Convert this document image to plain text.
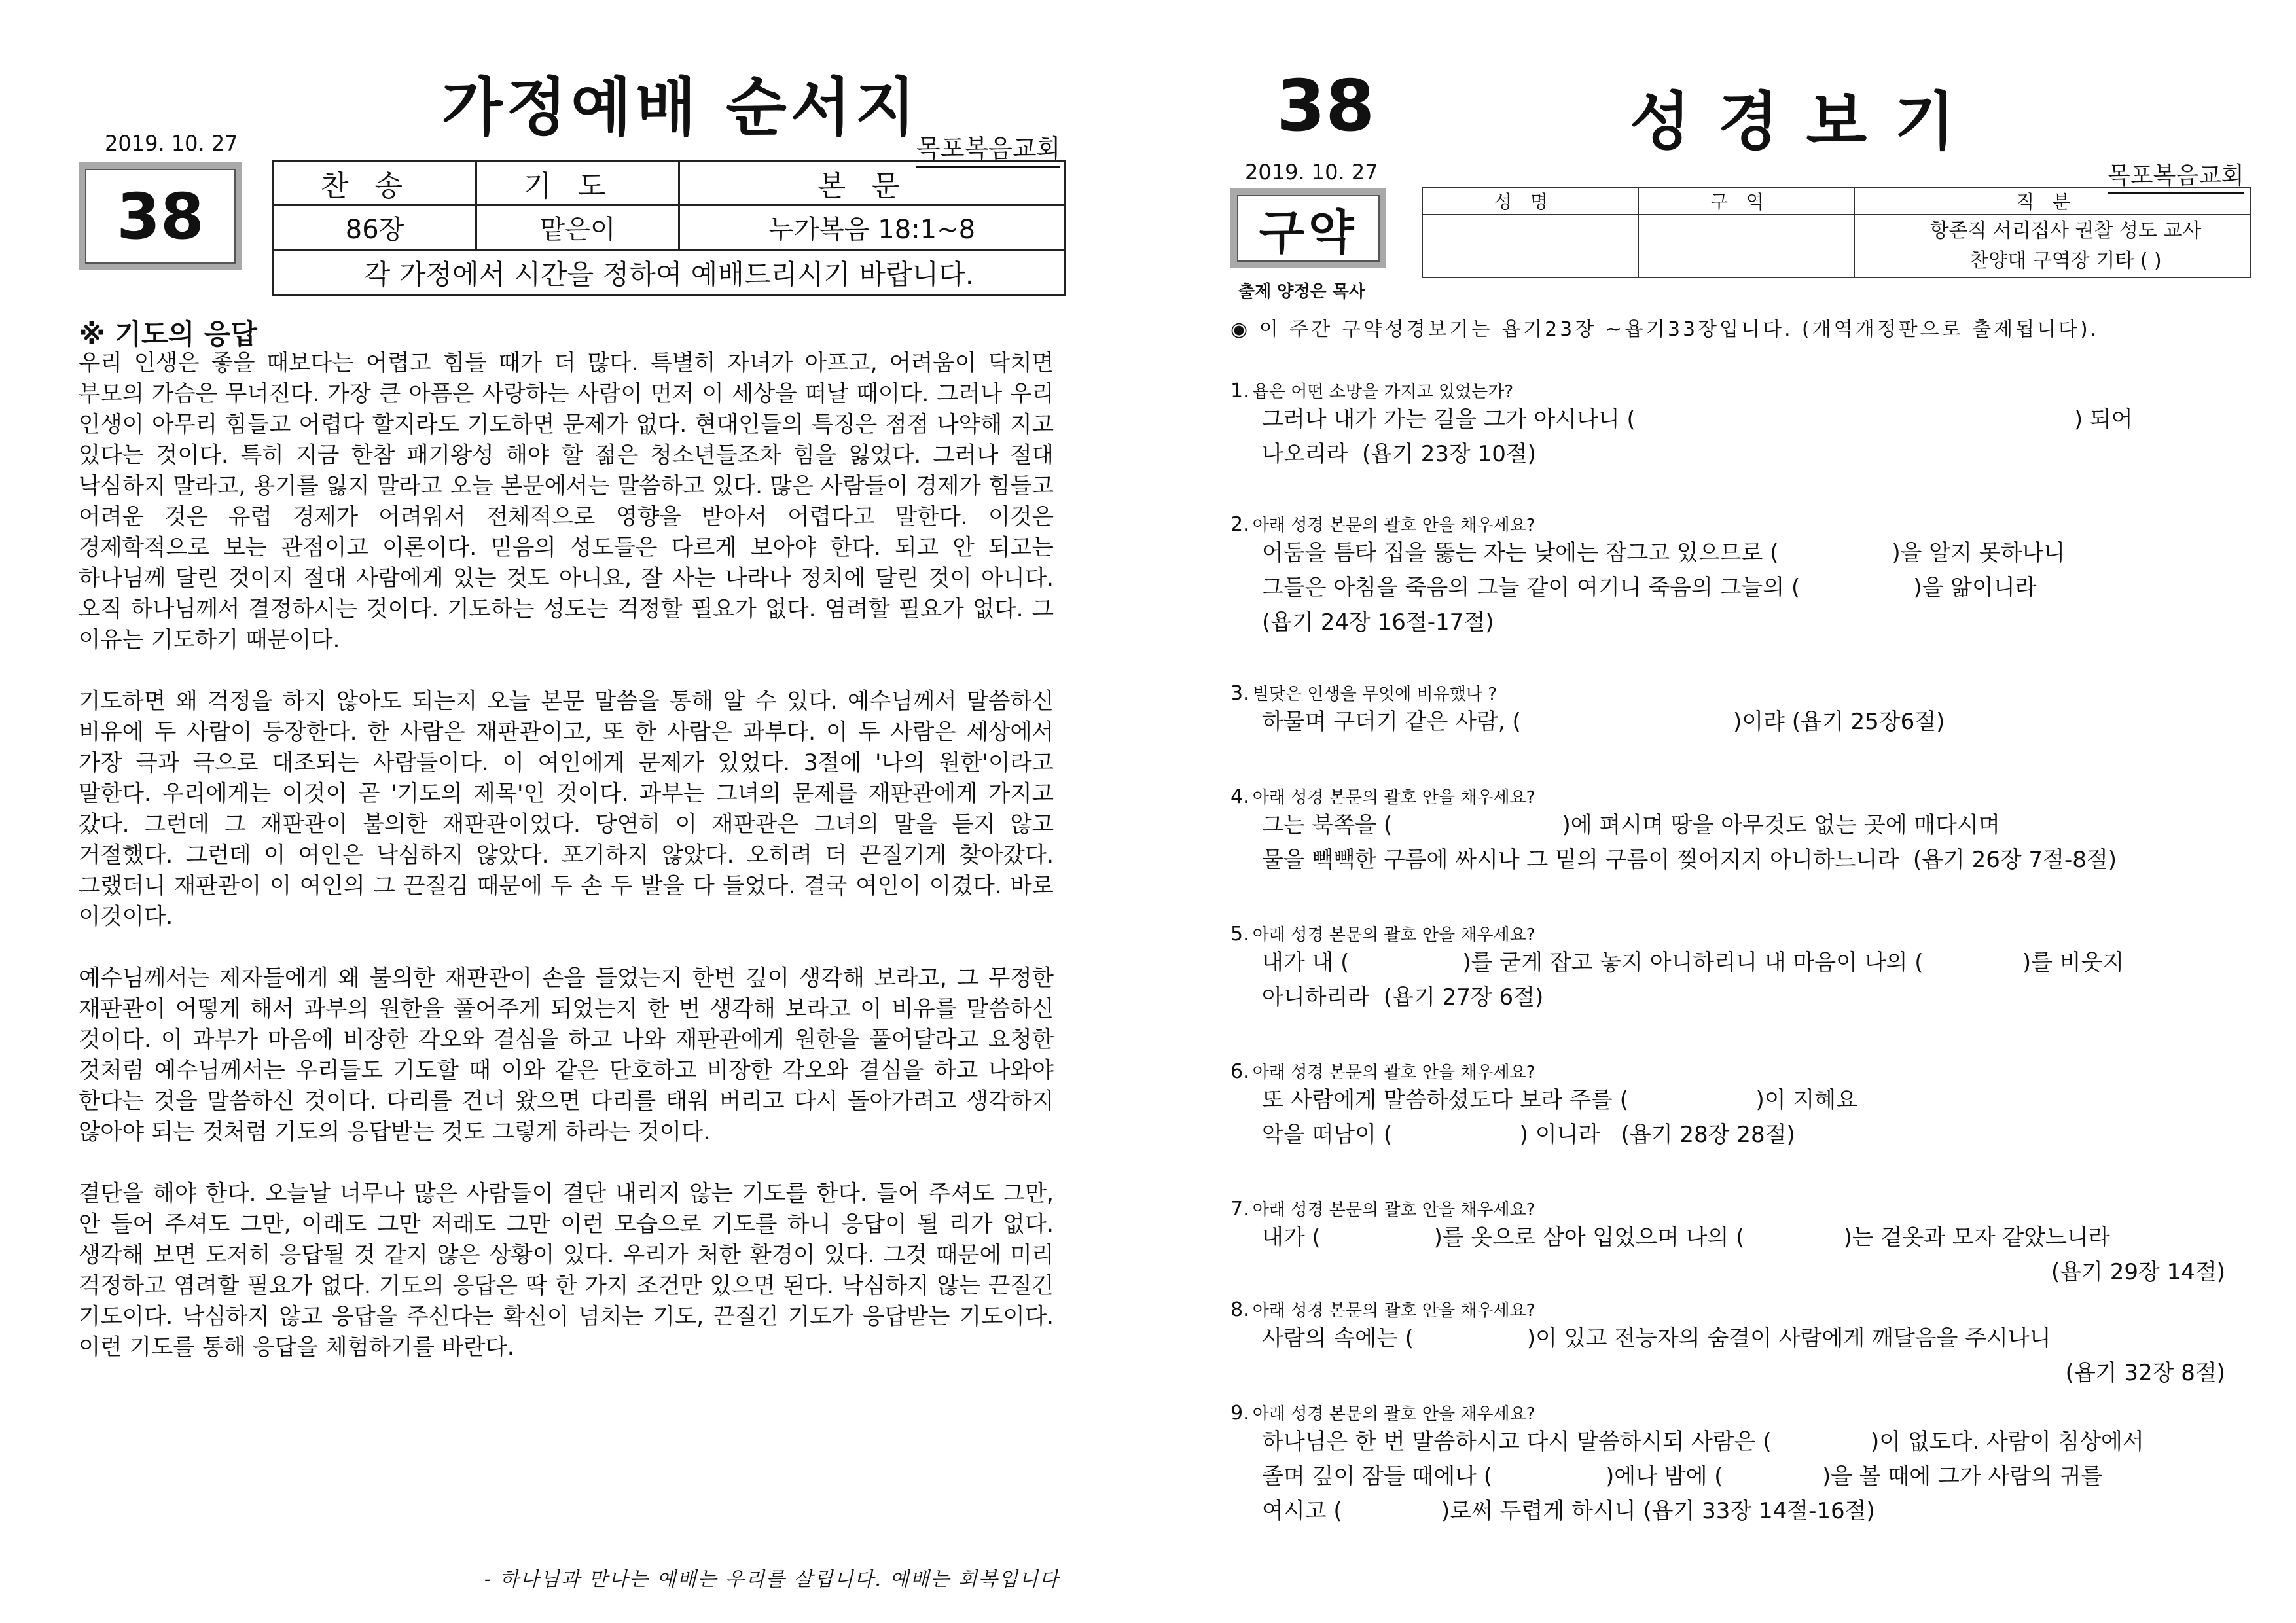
가정예배 순서지
2019. 10. 27	목포복음교회
38	찬송	기도	본문
86장	맡은이	누가복음 18:1~8
각 가정에서 시간을 정하여 예배드리시기 바랍니다.		
※ 기도의 응답

우리 인생은 좋을 때보다는 어렵고 힘들 때가 더 많다. 특별히 자녀가 아프고, 어려움이 닥치면 부모의 가슴은 무너진다. 가장 큰 아픔은 사랑하는 사람이 먼저 이 세상을 떠날 때이다. 그러나 우리 인생이 아무리 힘들고 어렵다 할지라도 기도하면 문제가 없다. 현대인들의 특징은 점점 나약해 지고 있다는 것이다. 특히 지금 한참 패기왕성 해야 할 젊은 청소년들조차 힘을 잃었다. 그러나 절대 낙심하지 말라고, 용기를 잃지 말라고 오늘 본문에서는 말씀하고 있다. 많은 사람들이 경제가 힘들고 어려운 것은 유럽 경제가 어려워서 전체적으로 영향을 받아서 어렵다고 말한다. 이것은 경제학적으로 보는 관점이고 이론이다. 믿음의 성도들은 다르게 보아야 한다. 되고 안 되고는 하나님께 달린 것이지 절대 사람에게 있는 것도 아니요, 잘 사는 나라나 정치에 달린 것이 아니다. 오직 하나님께서 결정하시는 것이다. 기도하는 성도는 걱정할 필요가 없다. 염려할 필요가 없다. 그 이유는 기도하기 때문이다.

기도하면 왜 걱정을 하지 않아도 되는지 오늘 본문 말씀을 통해 알 수 있다. 예수님께서 말씀하신 비유에 두 사람이 등장한다. 한 사람은 재판관이고, 또 한 사람은 과부다. 이 두 사람은 세상에서 가장 극과 극으로 대조되는 사람들이다. 이 여인에게 문제가 있었다. 3절에 '나의 원한'이라고 말한다. 우리에게는 이것이 곧 '기도의 제목'인 것이다. 과부는 그녀의 문제를 재판관에게 가지고 갔다. 그런데 그 재판관이 불의한 재판관이었다. 당연히 이 재판관은 그녀의 말을 듣지 않고 거절했다. 그런데 이 여인은 낙심하지 않았다. 포기하지 않았다. 오히려 더 끈질기게 찾아갔다. 그랬더니 재판관이 이 여인의 그 끈질김 때문에 두 손 두 발을 다 들었다. 결국 여인이 이겼다. 바로 이것이다.

예수님께서는 제자들에게 왜 불의한 재판관이 손을 들었는지 한번 깊이 생각해 보라고, 그 무정한 재판관이 어떻게 해서 과부의 원한을 풀어주게 되었는지 한 번 생각해 보라고 이 비유를 말씀하신 것이다. 이 과부가 마음에 비장한 각오와 결심을 하고 나와 재판관에게 원한을 풀어달라고 요청한 것처럼 예수님께서는 우리들도 기도할 때 이와 같은 단호하고 비장한 각오와 결심을 하고 나와야 한다는 것을 말씀하신 것이다. 다리를 건너 왔으면 다리를 태워 버리고 다시 돌아가려고 생각하지 않아야 되는 것처럼 기도의 응답받는 것도 그렇게 하라는 것이다.

결단을 해야 한다. 오늘날 너무나 많은 사람들이 결단 내리지 않는 기도를 한다. 들어 주셔도 그만, 안 들어 주셔도 그만, 이래도 그만 저래도 그만 이런 모습으로 기도를 하니 응답이 될 리가 없다. 생각해 보면 도저히 응답될 것 같지 않은 상황이 있다. 우리가 처한 환경이 있다. 그것 때문에 미리 걱정하고 염려할 필요가 없다. 기도의 응답은 딱 한 가지 조건만 있으면 된다. 낙심하지 않는 끈질긴 기도이다. 낙심하지 않고 응답을 주신다는 확신이 넘치는 기도, 끈질긴 기도가 응답받는 기도이다. 이런 기도를 통해 응답을 체험하기를 바란다.

- 하나님과 만나는 예배는 우리를 살립니다. 예배는 회복입니다
38	성경보기
2019. 10. 27	목포복음교회
구약
출제 양정은 목사
성명	구역	직분

		항존직 서리집사 권찰 성도 교사
찬양대 구역장 기타 ( )
◉ 이 주간 구약성경보기는 욥기23장 ~욥기33장입니다. (개역개정판으로 출제됩니다).
1. 욥은 어떤 소망을 가지고 있었는가?
그러나 내가 가는 길을 그가 아시나니 (                                                              ) 되어
나오리라  (욥기 23장 10절)
2. 아래 성경 본문의 괄호 안을 채우세요?
어둠을 틈타 집을 뚫는 자는 낮에는 잠그고 있으므로 (                )을 알지 못하나니
그들은 아침을 죽음의 그늘 같이 여기니 죽음의 그늘의 (                )을 앎이니라
(욥기 24장 16절-17절)
3. 빌닷은 인생을 무엇에 비유했나 ?
하물며 구더기 같은 사람, (                              )이랴 (욥기 25장6절)
4. 아래 성경 본문의 괄호 안을 채우세요?
그는 북쪽을 (                        )에 펴시며 땅을 아무것도 없는 곳에 매다시며
물을 빽빽한 구름에 싸시나 그 밑의 구름이 찢어지지 아니하느니라  (욥기 26장 7절-8절)
5. 아래 성경 본문의 괄호 안을 채우세요?
내가 내 (                )를 굳게 잡고 놓지 아니하리니 내 마음이 나의 (              )를 비웃지
아니하리라  (욥기 27장 6절)
6. 아래 성경 본문의 괄호 안을 채우세요?
또 사람에게 말씀하셨도다 보라 주를 (                  )이 지혜요
악을 떠남이 (                  ) 이니라   (욥기 28장 28절)
7. 아래 성경 본문의 괄호 안을 채우세요?
내가 (                )를 옷으로 삼아 입었으며 나의 (              )는 겉옷과 모자 같았느니라
(욥기 29장 14절)
8. 아래 성경 본문의 괄호 안을 채우세요?
사람의 속에는 (                )이 있고 전능자의 숨결이 사람에게 깨달음을 주시나니
(욥기 32장 8절)
9. 아래 성경 본문의 괄호 안을 채우세요?
하나님은 한 번 말씀하시고 다시 말씀하시되 사람은 (              )이 없도다. 사람이 침상에서
졸며 깊이 잠들 때에나 (                )에나 밤에 (              )을 볼 때에 그가 사람의 귀를
여시고 (              )로써 두렵게 하시니 (욥기 33장 14절-16절)
